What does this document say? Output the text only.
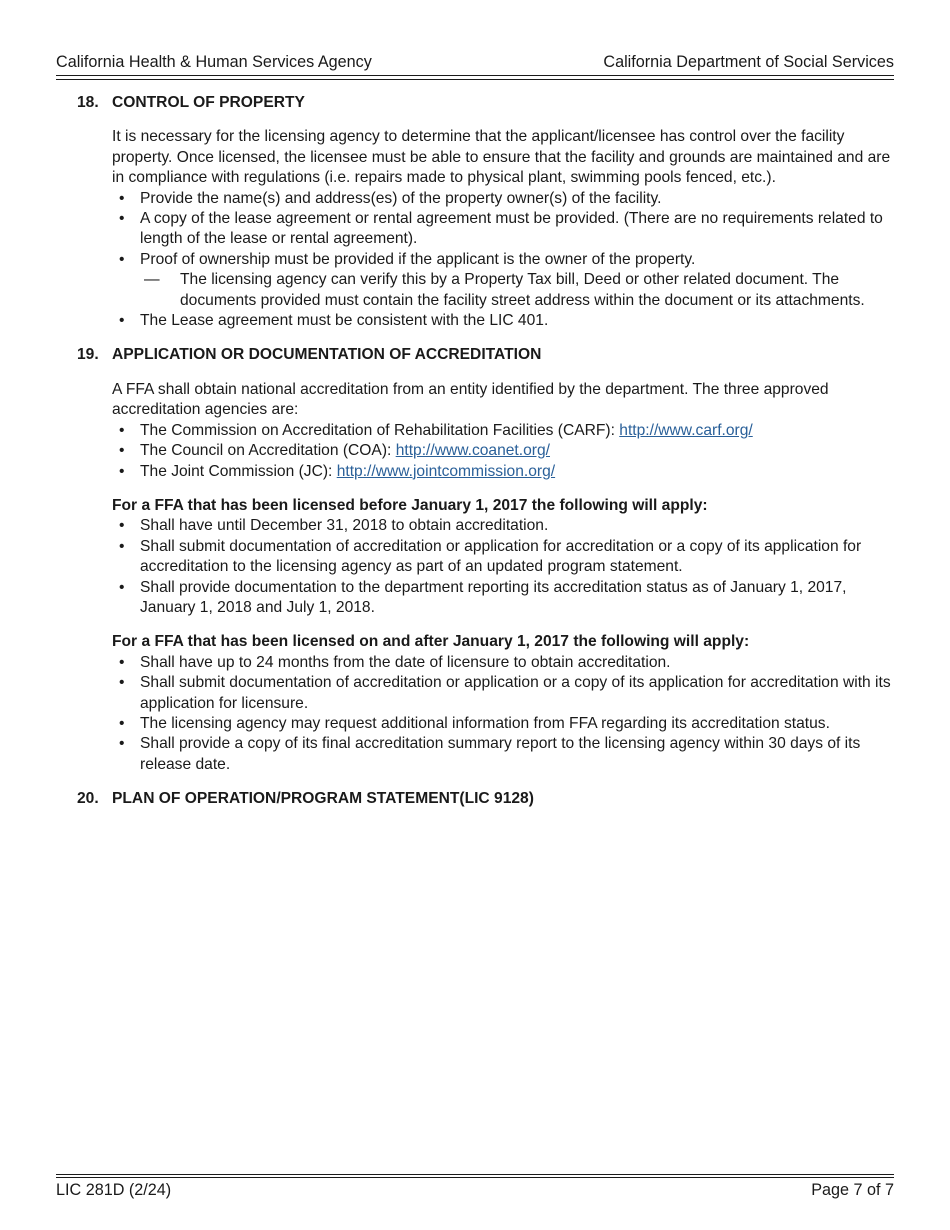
California Health & Human Services Agency	California Department of Social Services
18. CONTROL OF PROPERTY

It is necessary for the licensing agency to determine that the applicant/licensee has control over the facility property. Once licensed, the licensee must be able to ensure that the facility and grounds are maintained and are in compliance with regulations (i.e. repairs made to physical plant, swimming pools fenced, etc.).

• Provide the name(s) and address(es) of the property owner(s) of the facility.
• A copy of the lease agreement or rental agreement must be provided. (There are no requirements related to length of the lease or rental agreement).
• Proof of ownership must be provided if the applicant is the owner of the property.
— The licensing agency can verify this by a Property Tax bill, Deed or other related document. The documents provided must contain the facility street address within the document or its attachments.
• The Lease agreement must be consistent with the LIC 401.
19. APPLICATION OR DOCUMENTATION OF ACCREDITATION

A FFA shall obtain national accreditation from an entity identified by the department. The three approved accreditation agencies are:

• The Commission on Accreditation of Rehabilitation Facilities (CARF): http://www.carf.org/
• The Council on Accreditation (COA): http://www.coanet.org/
• The Joint Commission (JC): http://www.jointcommission.org/

For a FFA that has been licensed before January 1, 2017 the following will apply:

• Shall have until December 31, 2018 to obtain accreditation.
• Shall submit documentation of accreditation or application for accreditation or a copy of its application for accreditation to the licensing agency as part of an updated program statement.
• Shall provide documentation to the department reporting its accreditation status as of January 1, 2017, January 1, 2018 and July 1, 2018.

For a FFA that has been licensed on and after January 1, 2017 the following will apply:

• Shall have up to 24 months from the date of licensure to obtain accreditation.
• Shall submit documentation of accreditation or application or a copy of its application for accreditation with its application for licensure.
• The licensing agency may request additional information from FFA regarding its accreditation status.
• Shall provide a copy of its final accreditation summary report to the licensing agency within 30 days of its release date.
20. PLAN OF OPERATION/PROGRAM STATEMENT(LIC 9128)
LIC 281D (2/24)	Page 7 of 7
